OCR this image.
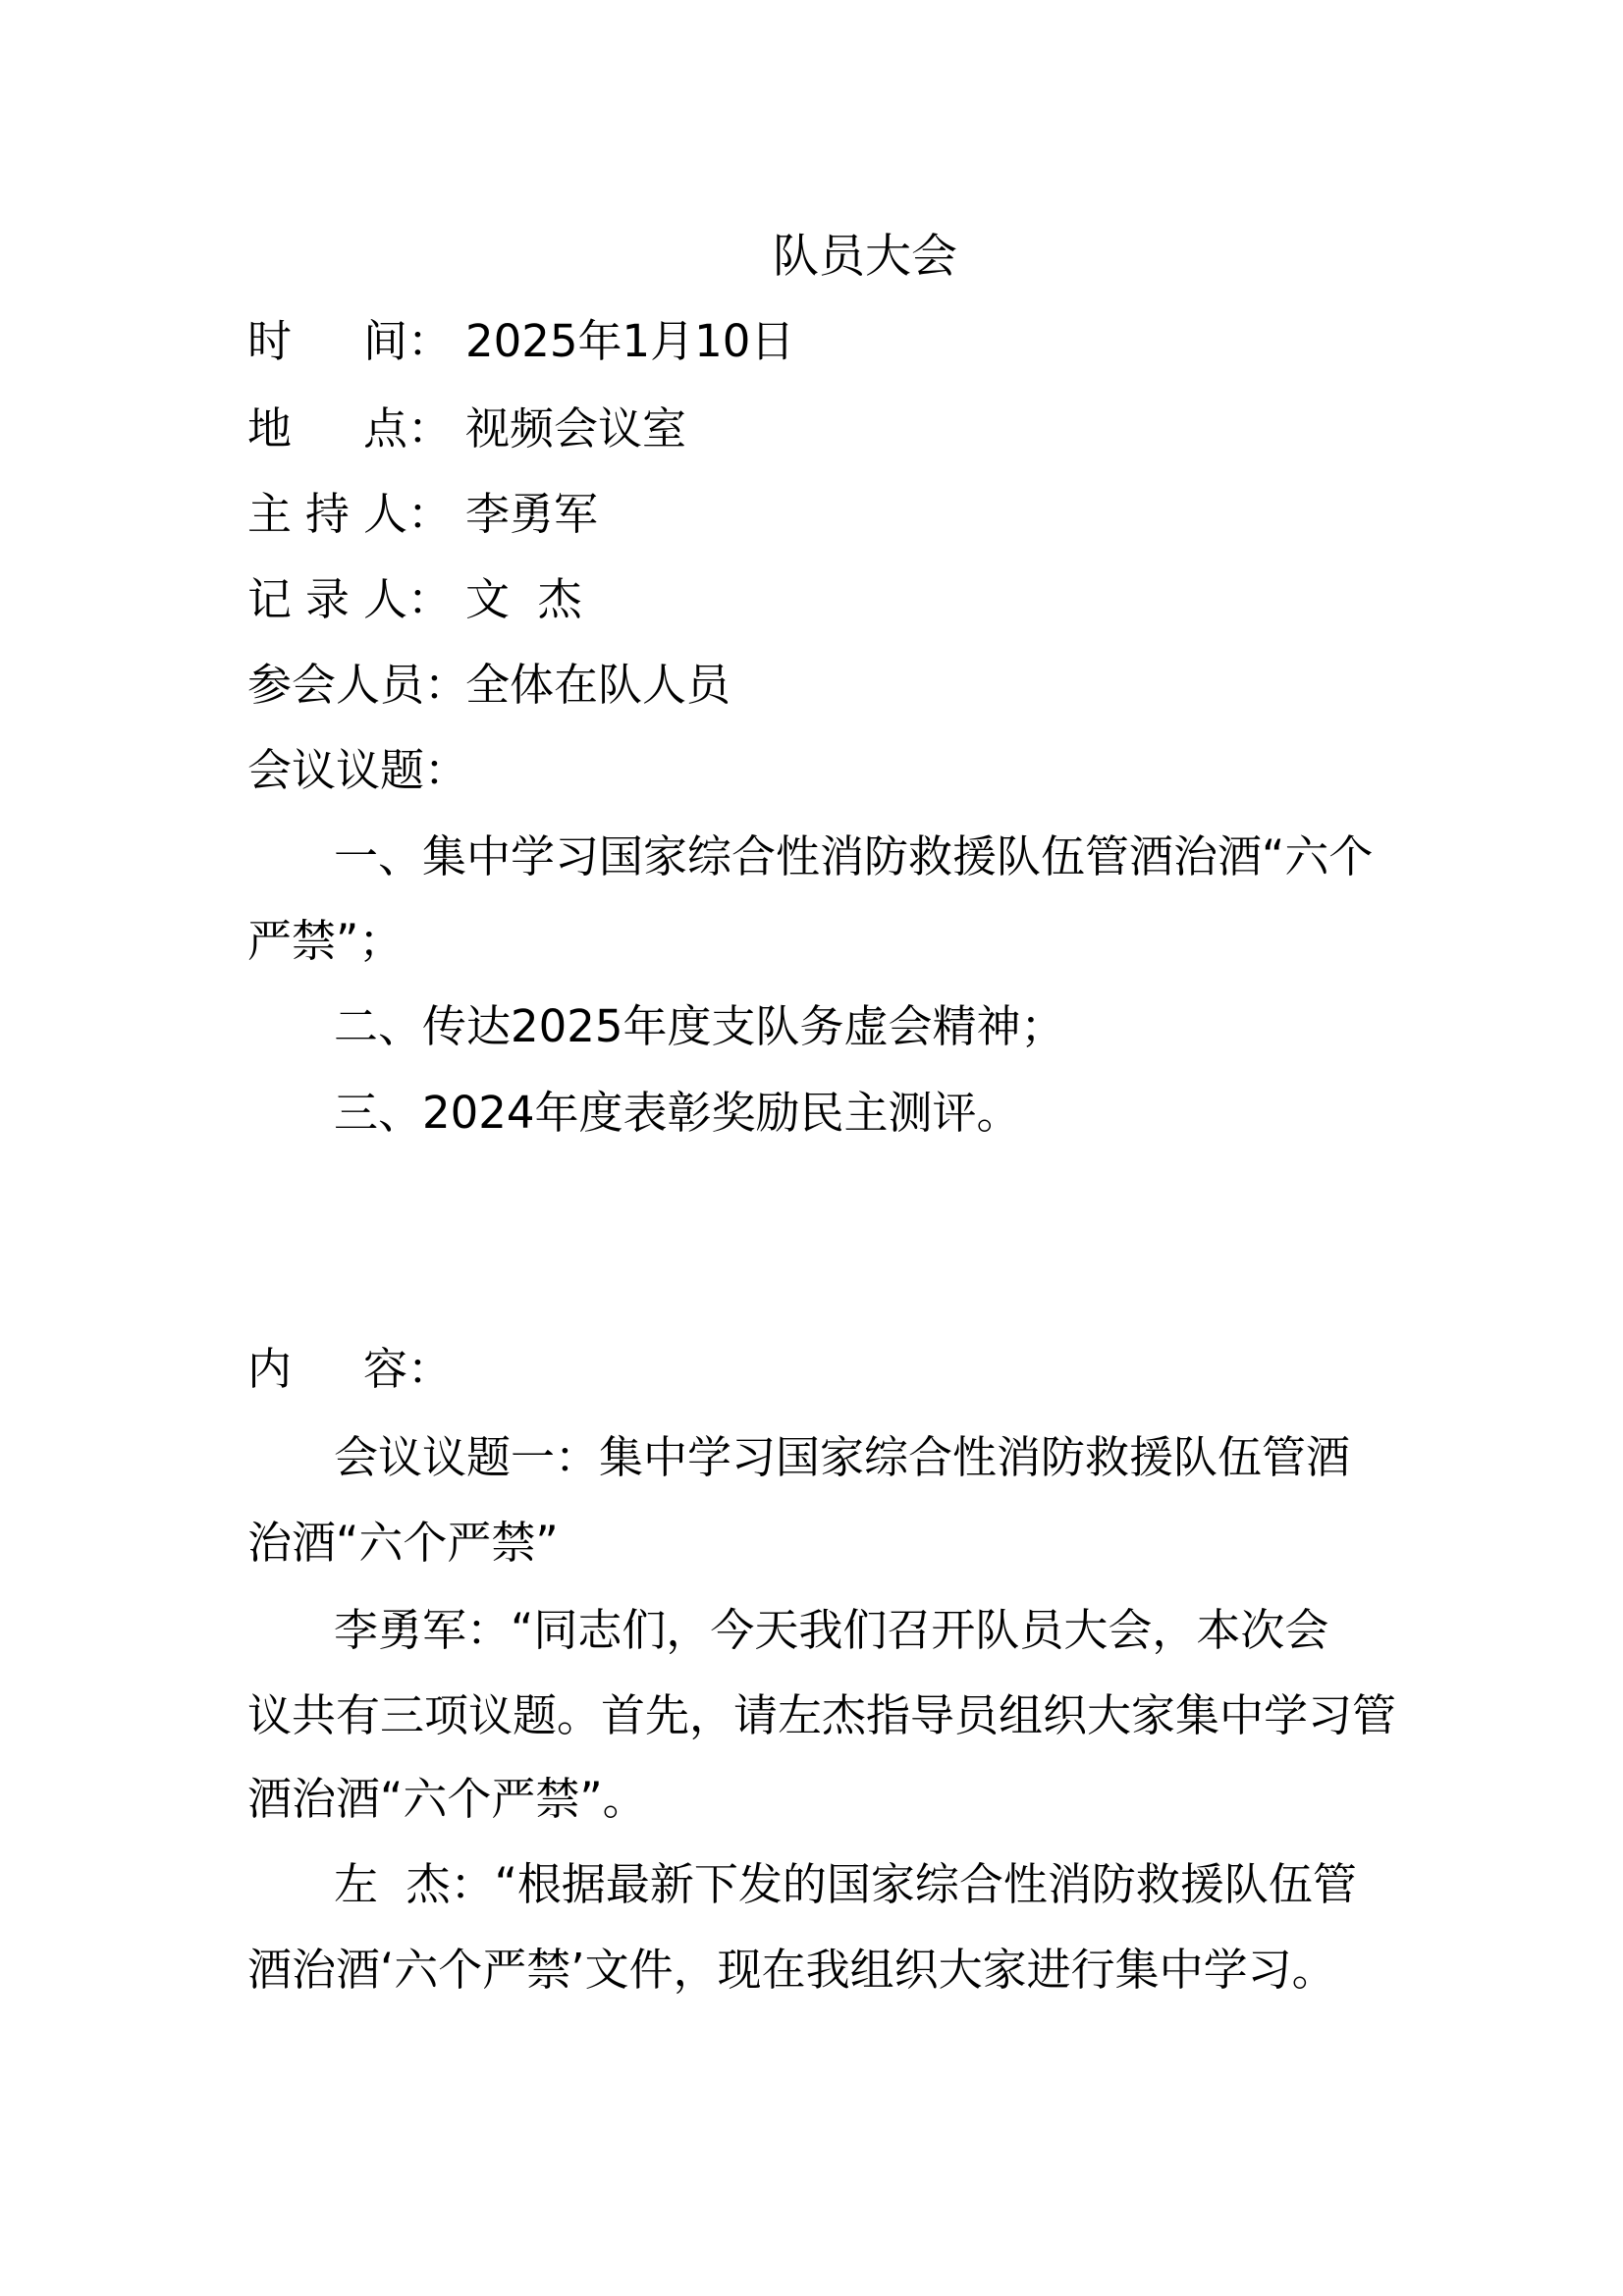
队员大会
时 间： 2025年1月10日
地 点： 视频会议室
主 持 人： 李勇军
记 录 人： 文  杰
参会人员：
全体在队人员
会议议题：
一、集中学习国家综合性消防救援队伍管酒治酒“六个
严禁”；
二、传达2025年度支队务虚会精神；
三、2024年度表彰奖励民主测评。
内 容：
会议议题一：集中学习国家综合性消防救援队伍管酒
治酒“六个严禁”
李勇军：“同志们，今天我们召开队员大会，本次会
议共有三项议题。首先，请左杰指导员组织大家集中学习管
酒治酒“六个严禁”。
左  杰：“根据最新下发的国家综合性消防救援队伍管
酒治酒‘六个严禁’文件，现在我组织大家进行集中学习。
